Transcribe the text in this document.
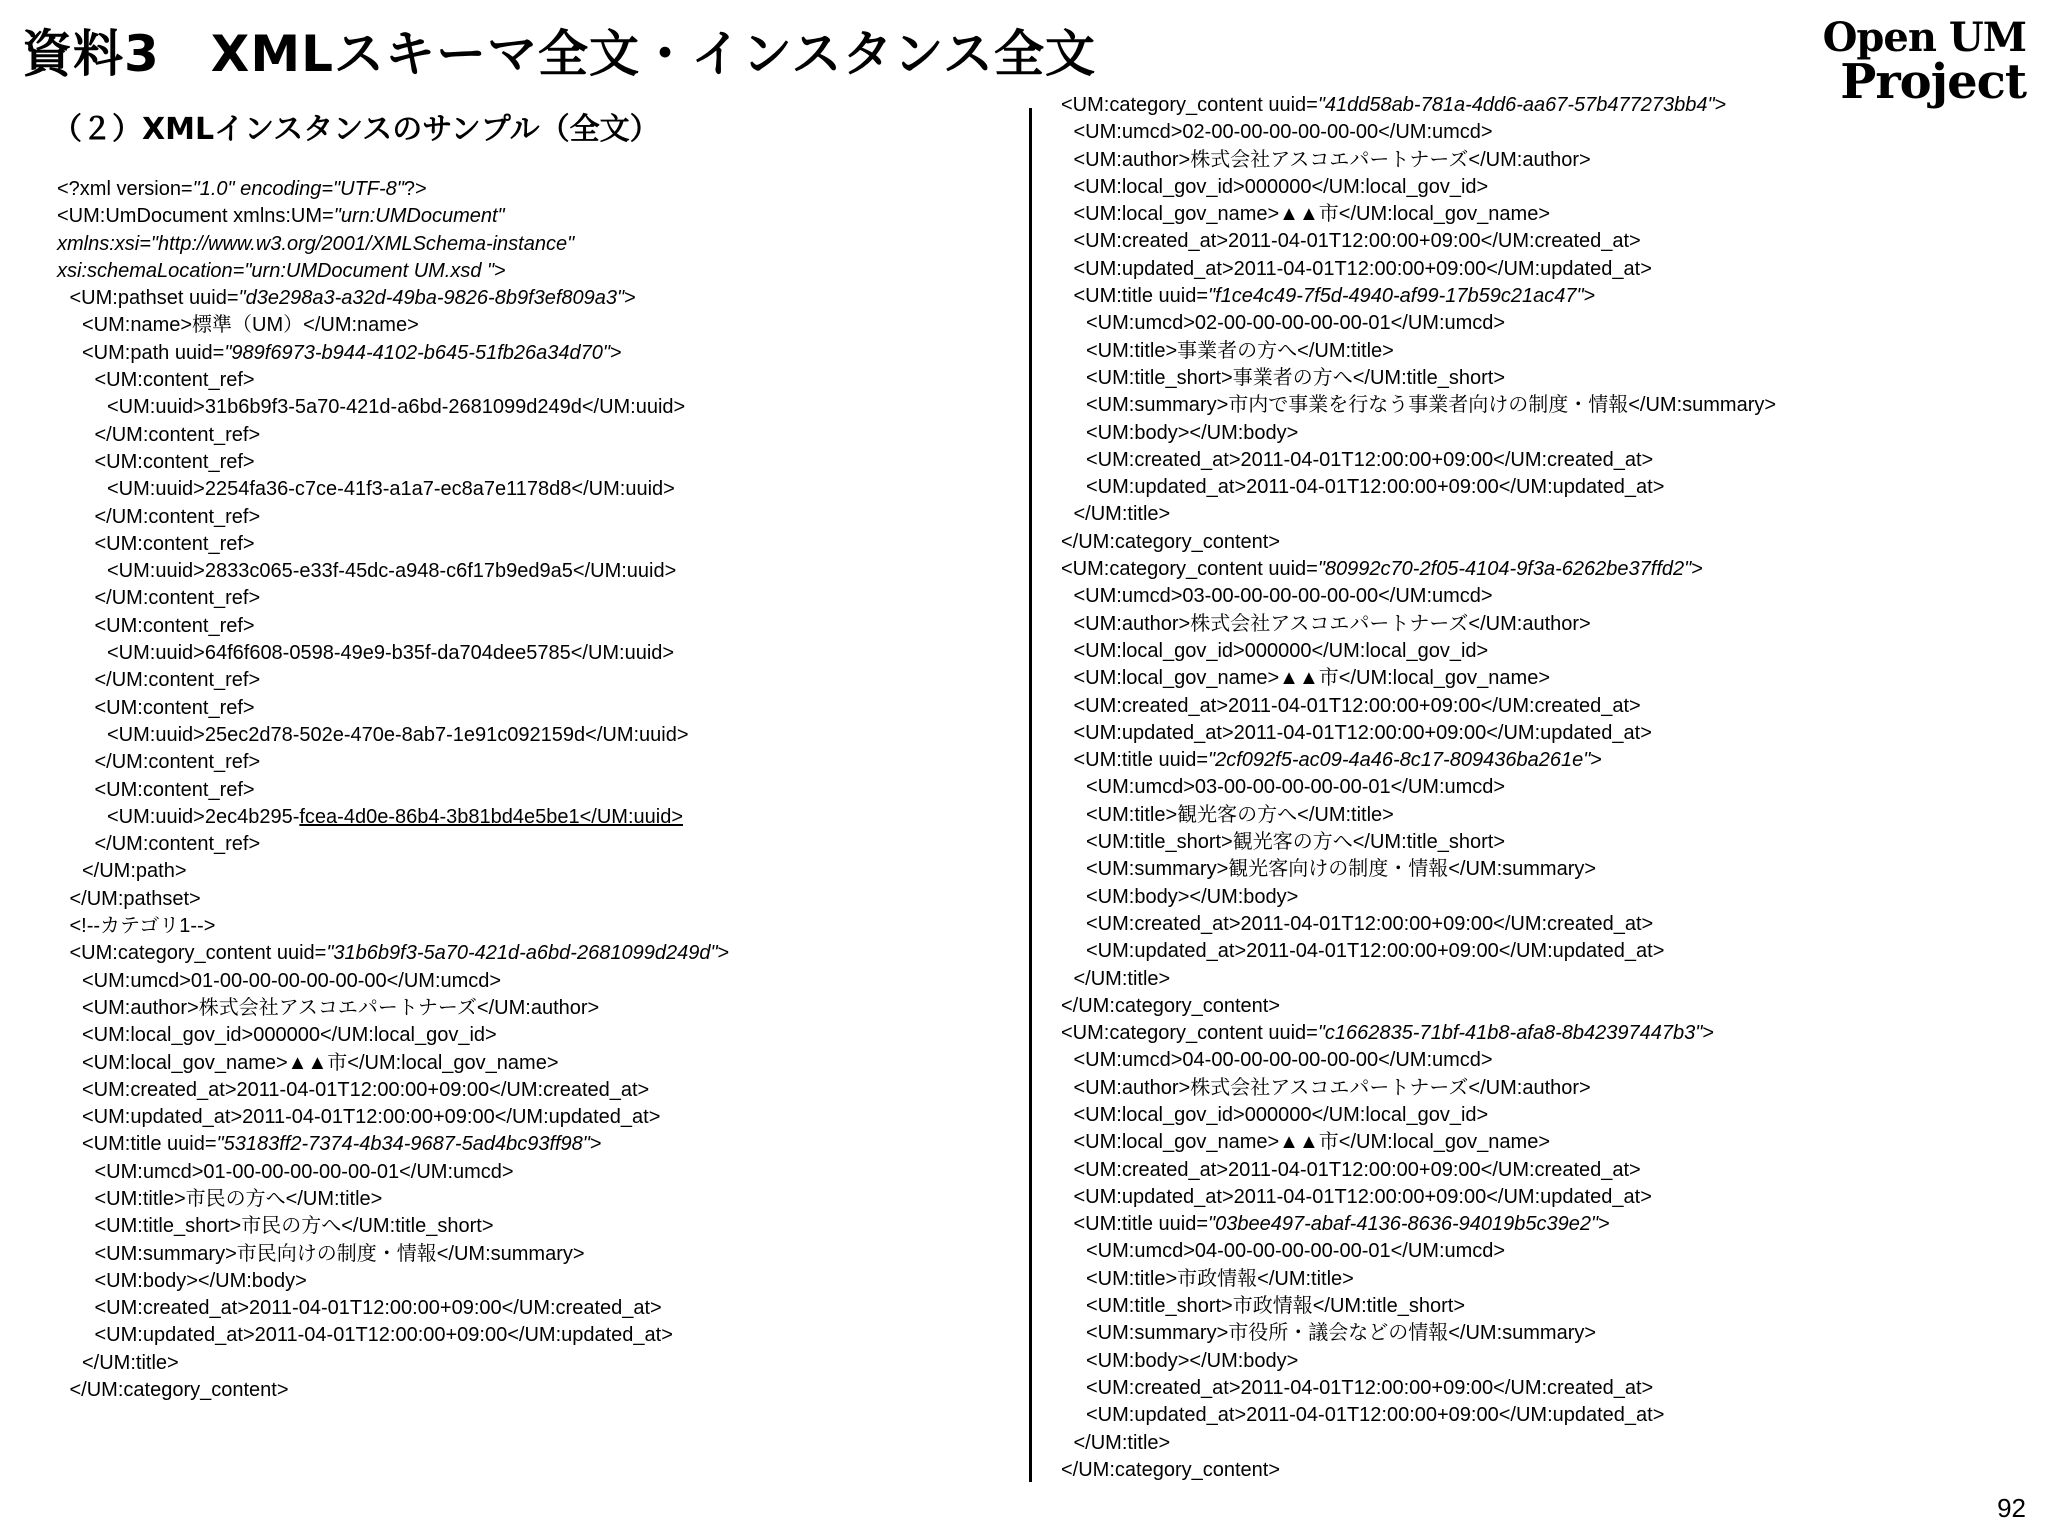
資料3　XMLスキーマ全文・インスタンス全文	Open UM
Project
（２）XMLインスタンスのサンプル（全文）
<?xml version="1.0" encoding="UTF-8"?>
<UM:UmDocument xmlns:UM="urn:UMDocument"
xmlns:xsi="http://www.w3.org/2001/XMLSchema-instance"
xsi:schemaLocation="urn:UMDocument UM.xsd ">
<UM:pathset uuid="d3e298a3-a32d-49ba-9826-8b9f3ef809a3">
<UM:name>標準（UM）</UM:name>
<UM:path uuid="989f6973-b944-4102-b645-51fb26a34d70">
<UM:content_ref>
<UM:uuid>31b6b9f3-5a70-421d-a6bd-2681099d249d</UM:uuid>
</UM:content_ref>
<UM:content_ref>
<UM:uuid>2254fa36-c7ce-41f3-a1a7-ec8a7e1178d8</UM:uuid>
</UM:content_ref>
<UM:content_ref>
<UM:uuid>2833c065-e33f-45dc-a948-c6f17b9ed9a5</UM:uuid>
</UM:content_ref>
<UM:content_ref>
<UM:uuid>64f6f608-0598-49e9-b35f-da704dee5785</UM:uuid>
</UM:content_ref>
<UM:content_ref>
<UM:uuid>25ec2d78-502e-470e-8ab7-1e91c092159d</UM:uuid>
</UM:content_ref>
<UM:content_ref>
<UM:uuid>2ec4b295-fcea-4d0e-86b4-3b81bd4e5be1</UM:uuid>
</UM:content_ref>
</UM:path>
</UM:pathset>
<!--カテゴリ1-->
<UM:category_content uuid="31b6b9f3-5a70-421d-a6bd-2681099d249d">
<UM:umcd>01-00-00-00-00-00-00</UM:umcd>
<UM:author>株式会社アスコエパートナーズ</UM:author>
<UM:local_gov_id>000000</UM:local_gov_id>
<UM:local_gov_name>▲▲市</UM:local_gov_name>
<UM:created_at>2011-04-01T12:00:00+09:00</UM:created_at>
<UM:updated_at>2011-04-01T12:00:00+09:00</UM:updated_at>
<UM:title uuid="53183ff2-7374-4b34-9687-5ad4bc93ff98">
<UM:umcd>01-00-00-00-00-00-01</UM:umcd>
<UM:title>市民の方へ</UM:title>
<UM:title_short>市民の方へ</UM:title_short>
<UM:summary>市民向けの制度・情報</UM:summary>
<UM:body></UM:body>
<UM:created_at>2011-04-01T12:00:00+09:00</UM:created_at>
<UM:updated_at>2011-04-01T12:00:00+09:00</UM:updated_at>
</UM:title>
</UM:category_content>
<UM:category_content uuid="41dd58ab-781a-4dd6-aa67-57b477273bb4">
<UM:umcd>02-00-00-00-00-00-00</UM:umcd>
<UM:author>株式会社アスコエパートナーズ</UM:author>
<UM:local_gov_id>000000</UM:local_gov_id>
<UM:local_gov_name>▲▲市</UM:local_gov_name>
<UM:created_at>2011-04-01T12:00:00+09:00</UM:created_at>
<UM:updated_at>2011-04-01T12:00:00+09:00</UM:updated_at>
<UM:title uuid="f1ce4c49-7f5d-4940-af99-17b59c21ac47">
<UM:umcd>02-00-00-00-00-00-01</UM:umcd>
<UM:title>事業者の方へ</UM:title>
<UM:title_short>事業者の方へ</UM:title_short>
<UM:summary>市内で事業を行なう事業者向けの制度・情報</UM:summary>
<UM:body></UM:body>
<UM:created_at>2011-04-01T12:00:00+09:00</UM:created_at>
<UM:updated_at>2011-04-01T12:00:00+09:00</UM:updated_at>
</UM:title>
</UM:category_content>
<UM:category_content uuid="80992c70-2f05-4104-9f3a-6262be37ffd2">
<UM:umcd>03-00-00-00-00-00-00</UM:umcd>
<UM:author>株式会社アスコエパートナーズ</UM:author>
<UM:local_gov_id>000000</UM:local_gov_id>
<UM:local_gov_name>▲▲市</UM:local_gov_name>
<UM:created_at>2011-04-01T12:00:00+09:00</UM:created_at>
<UM:updated_at>2011-04-01T12:00:00+09:00</UM:updated_at>
<UM:title uuid="2cf092f5-ac09-4a46-8c17-809436ba261e">
<UM:umcd>03-00-00-00-00-00-01</UM:umcd>
<UM:title>観光客の方へ</UM:title>
<UM:title_short>観光客の方へ</UM:title_short>
<UM:summary>観光客向けの制度・情報</UM:summary>
<UM:body></UM:body>
<UM:created_at>2011-04-01T12:00:00+09:00</UM:created_at>
<UM:updated_at>2011-04-01T12:00:00+09:00</UM:updated_at>
</UM:title>
</UM:category_content>
<UM:category_content uuid="c1662835-71bf-41b8-afa8-8b42397447b3">
<UM:umcd>04-00-00-00-00-00-00</UM:umcd>
<UM:author>株式会社アスコエパートナーズ</UM:author>
<UM:local_gov_id>000000</UM:local_gov_id>
<UM:local_gov_name>▲▲市</UM:local_gov_name>
<UM:created_at>2011-04-01T12:00:00+09:00</UM:created_at>
<UM:updated_at>2011-04-01T12:00:00+09:00</UM:updated_at>
<UM:title uuid="03bee497-abaf-4136-8636-94019b5c39e2">
<UM:umcd>04-00-00-00-00-00-01</UM:umcd>
<UM:title>市政情報</UM:title>
<UM:title_short>市政情報</UM:title_short>
<UM:summary>市役所・議会などの情報</UM:summary>
<UM:body></UM:body>
<UM:created_at>2011-04-01T12:00:00+09:00</UM:created_at>
<UM:updated_at>2011-04-01T12:00:00+09:00</UM:updated_at>
</UM:title>
</UM:category_content>
92
